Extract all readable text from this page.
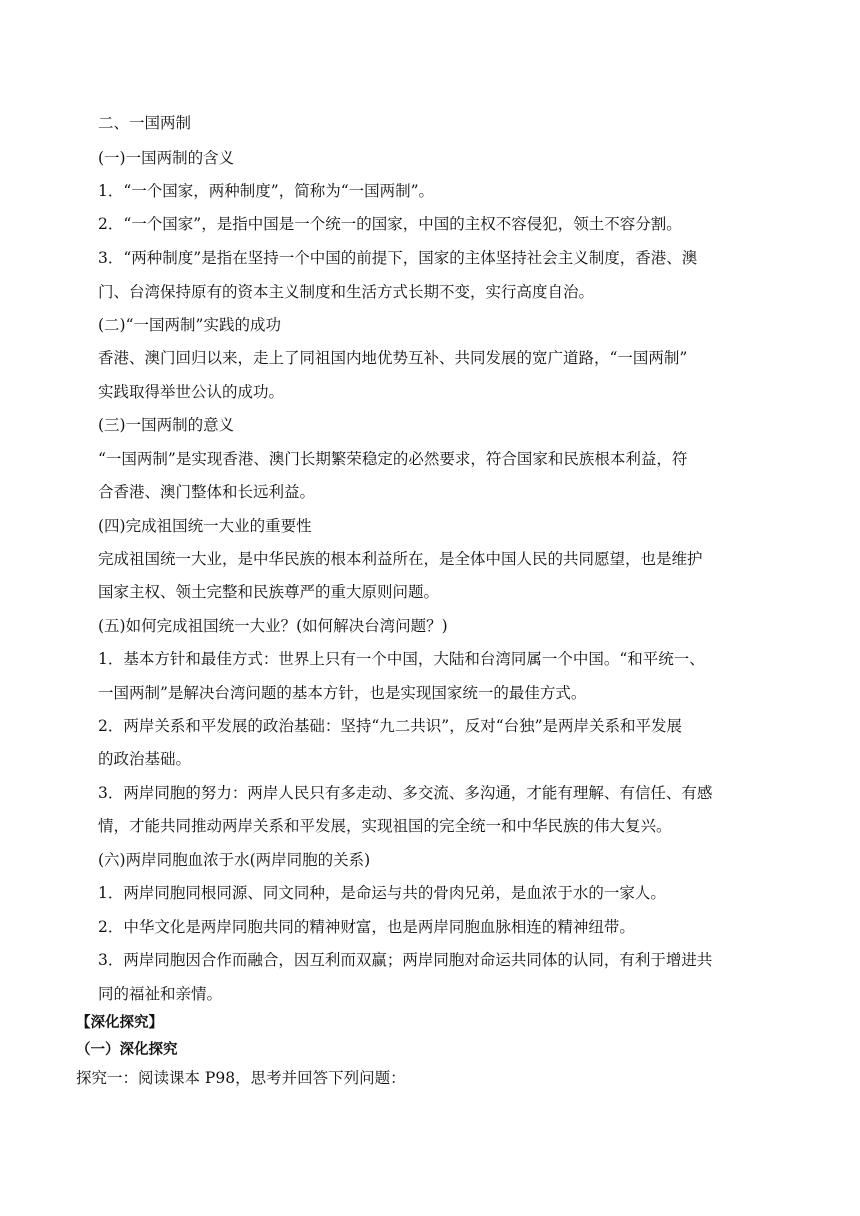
二、一国两制
(一)一国两制的含义
1．“一个国家，两种制度”，简称为“一国两制”。
2．“一个国家”，是指中国是一个统一的国家，中国的主权不容侵犯，领土不容分割。
3．“两种制度”是指在坚持一个中国的前提下，国家的主体坚持社会主义制度，香港、澳
门、台湾保持原有的资本主义制度和生活方式长期不变，实行高度自治。
(二)“一国两制”实践的成功
香港、澳门回归以来，走上了同祖国内地优势互补、共同发展的宽广道路，“一国两制”
实践取得举世公认的成功。
(三)一国两制的意义
“一国两制”是实现香港、澳门长期繁荣稳定的必然要求，符合国家和民族根本利益，符
合香港、澳门整体和长远利益。
(四)完成祖国统一大业的重要性
完成祖国统一大业，是中华民族的根本利益所在，是全体中国人民的共同愿望，也是维护
国家主权、领土完整和民族尊严的重大原则问题。
(五)如何完成祖国统一大业？(如何解决台湾问题？)
1．基本方针和最佳方式：世界上只有一个中国，大陆和台湾同属一个中国。“和平统一、
一国两制”是解决台湾问题的基本方针，也是实现国家统一的最佳方式。
2．两岸关系和平发展的政治基础：坚持“九二共识”，反对“台独”是两岸关系和平发展
的政治基础。
3．两岸同胞的努力：两岸人民只有多走动、多交流、多沟通，才能有理解、有信任、有感
情，才能共同推动两岸关系和平发展，实现祖国的完全统一和中华民族的伟大复兴。
(六)两岸同胞血浓于水(两岸同胞的关系)
1．两岸同胞同根同源、同文同种，是命运与共的骨肉兄弟，是血浓于水的一家人。
2．中华文化是两岸同胞共同的精神财富，也是两岸同胞血脉相连的精神纽带。
3．两岸同胞因合作而融合，因互利而双赢；两岸同胞对命运共同体的认同，有利于增进共
同的福祉和亲情。
【深化探究】
（一）深化探究
探究一：阅读课本 P98，思考并回答下列问题：
